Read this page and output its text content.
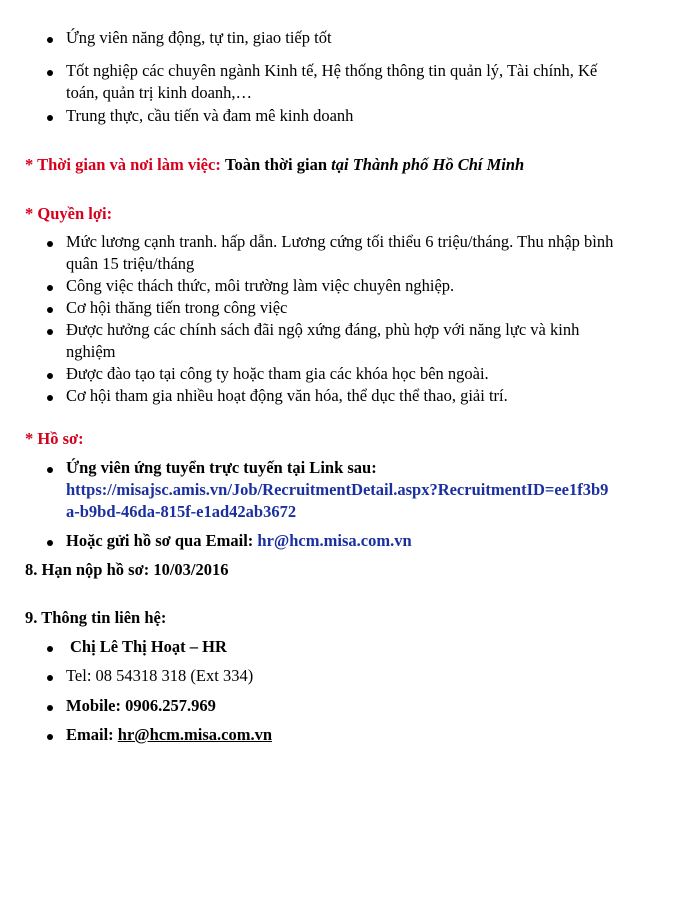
Ứng viên năng động, tự tin, giao tiếp tốt
Tốt nghiệp các chuyên ngành Kinh tế, Hệ thống thông tin quản lý, Tài chính, Kế
toán, quản trị kinh doanh,…
Trung thực, cầu tiến và đam mê kinh doanh
* Thời gian và nơi làm việc: Toàn thời gian tại Thành phố Hồ Chí Minh
* Quyền lợi:
Mức lương cạnh tranh. hấp dẫn. Lương cứng tối thiểu 6 triệu/tháng. Thu nhập bình
quân 15 triệu/tháng
Công việc thách thức, môi trường làm việc chuyên nghiệp.
Cơ hội thăng tiến trong công việc
Được hưởng các chính sách đãi ngộ xứng đáng, phù hợp với năng lực và kinh
nghiệm
Được đào tạo tại công ty hoặc tham gia các khóa học bên ngoài.
Cơ hội tham gia nhiều hoạt động văn hóa, thể dục thể thao, giải trí.
* Hồ sơ:
Ứng viên ứng tuyển trực tuyến tại Link sau:
https://misajsc.amis.vn/Job/RecruitmentDetail.aspx?RecruitmentID=ee1f3b9
a-b9bd-46da-815f-e1ad42ab3672
Hoặc gửi hồ sơ qua Email: hr@hcm.misa.com.vn
8. Hạn nộp hồ sơ: 10/03/2016
9. Thông tin liên hệ:
Chị Lê Thị Hoạt – HR
Tel: 08 54318 318 (Ext 334)
Mobile: 0906.257.969
Email: hr@hcm.misa.com.vn
